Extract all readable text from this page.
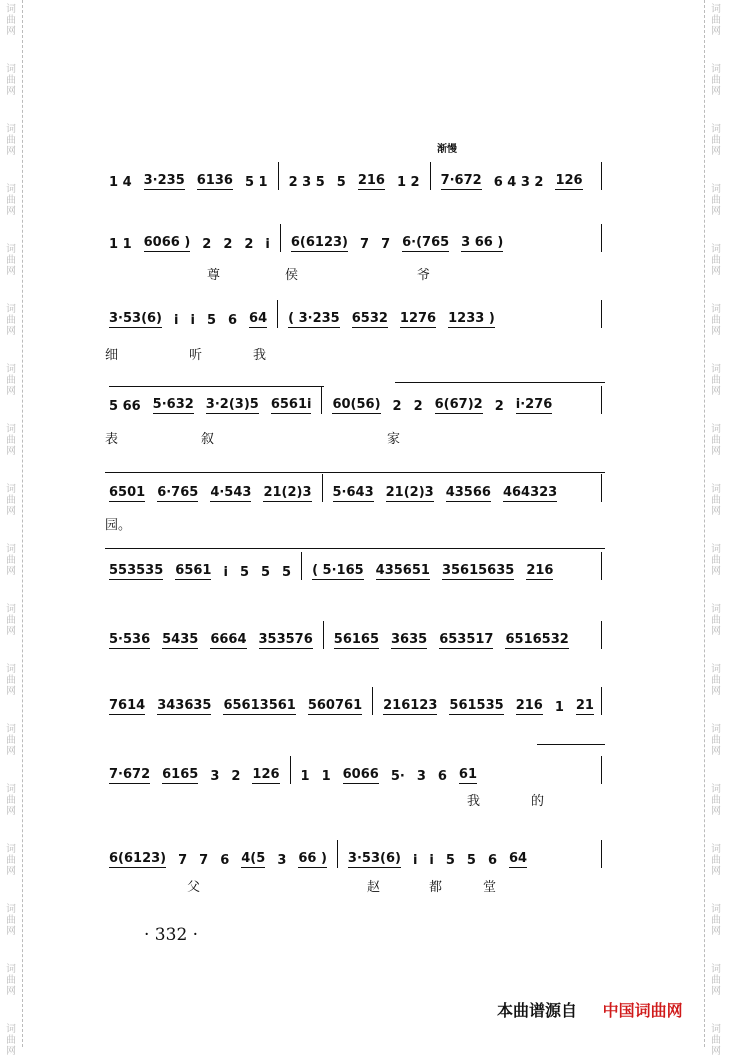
词
曲
网
词
曲
网
词
曲
网
词
曲
网
词
曲
网
词
曲
网
词
曲
网
词
曲
网
词
曲
网
词
曲
网
词
曲
网
词
曲
网
词
曲
网
词
曲
网
词
曲
网
词
曲
网
词
曲
网
词
曲
网
词
曲
网
词
曲
网
词
曲
网
词
曲
网
词
曲
网
词
曲
网
词
曲
网
词
曲
网
词
曲
网
词
曲
网
词
曲
网
词
曲
网
词
曲
网
词
曲
网
词
曲
网
词
曲
网
词
曲
网
词
曲
网
渐慢
1 4 3·235 6136 5 1 2 3 5 5 216 1 2 7·672 6 4 3 2 126
1 1 6066 ) 2 2 2 i 6(6123) 7 7 6·(765 3 66 )
尊	侯	爷
3·53(6) i i 5 6 64 ( 3·235 6532 1276 1233 )
细	听	我
5 66 5·632 3·2(3)5 6561i 60(56) 2 2 6(67)2 2 i·276
表	叙	家
6501 6·765 4·543 21(2)3 5·643 21(2)3 43566 464323
园。
553535 6561 i 5 5 5 ( 5·165 435651 35615635 216
5·536 5435 6664 353576 56165 3635 653517 6516532
7614 343635 65613561 560761 216123 561535 216 1 21
7·672 6165 3 2 126 1 1 6066 5· 3 6 61
我	的
6(6123) 7 7 6 4(5 3 66 ) 3·53(6) i i 5 5 6 64
父	赵	都	堂
· 332 ·
本曲谱源自 中国词曲网
